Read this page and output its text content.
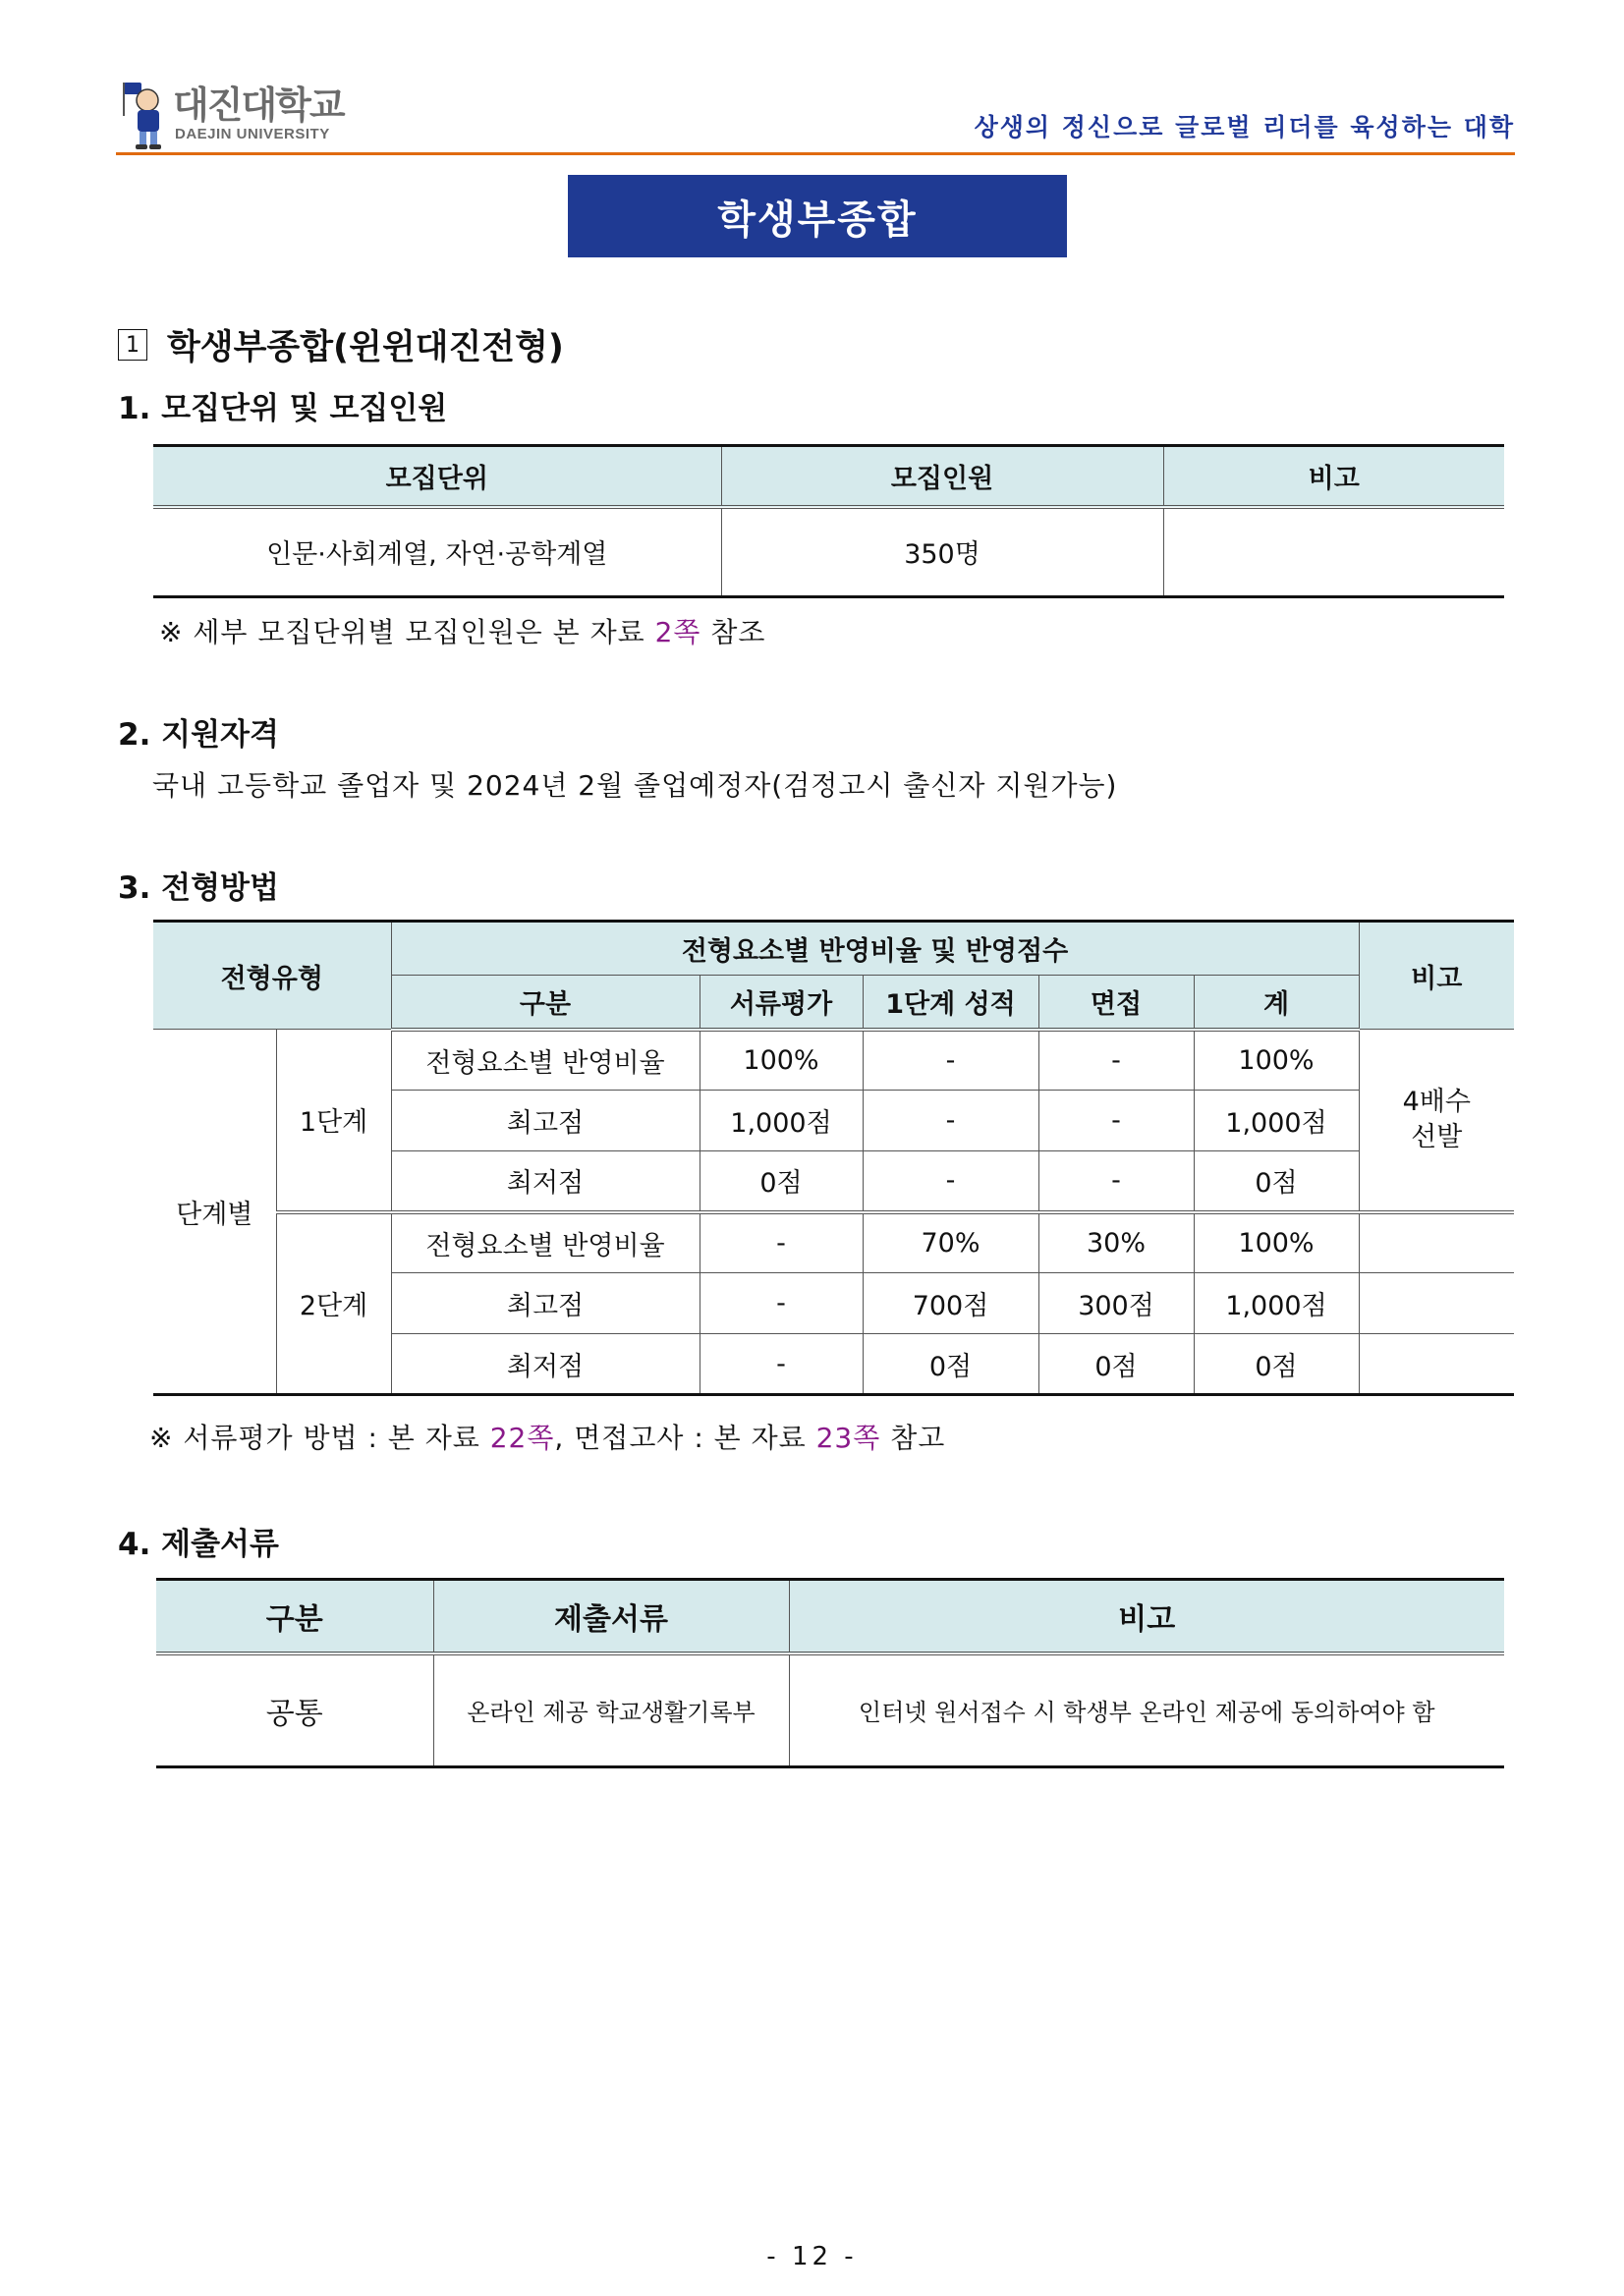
대진대학교
DAEJIN UNIVERSITY	상생의 정신으로 글로벌 리더를 육성하는 대학
학생부종합
1 학생부종합(윈윈대진전형)
1. 모집단위 및 모집인원
모집단위	모집인원	비고
인문·사회계열, 자연·공학계열	350명	
※ 세부 모집단위별 모집인원은 본 자료 2쪽 참조
2. 지원자격
국내 고등학교 졸업자 및 2024년 2월 졸업예정자(검정고시 출신자 지원가능)
3. 전형방법
전형유형		전형요소별 반영비율 및 반영점수					비고
		구분	서류평가	1단계 성적	면접	계	
단계별	1단계	전형요소별 반영비율	100%	-	-	100%	4배수
선발
		최고점	1,000점	-	-	1,000점	
		최저점	0점	-	-	0점	
	2단계	전형요소별 반영비율	-	70%	30%	100%	
		최고점	-	700점	300점	1,000점	
		최저점	-	0점	0점	0점	
※ 서류평가 방법 : 본 자료 22쪽, 면접고사 : 본 자료 23쪽 참고
4. 제출서류
구분	제출서류	비고
공통	온라인 제공 학교생활기록부	인터넷 원서접수 시 학생부 온라인 제공에 동의하여야 함
- 12 -
